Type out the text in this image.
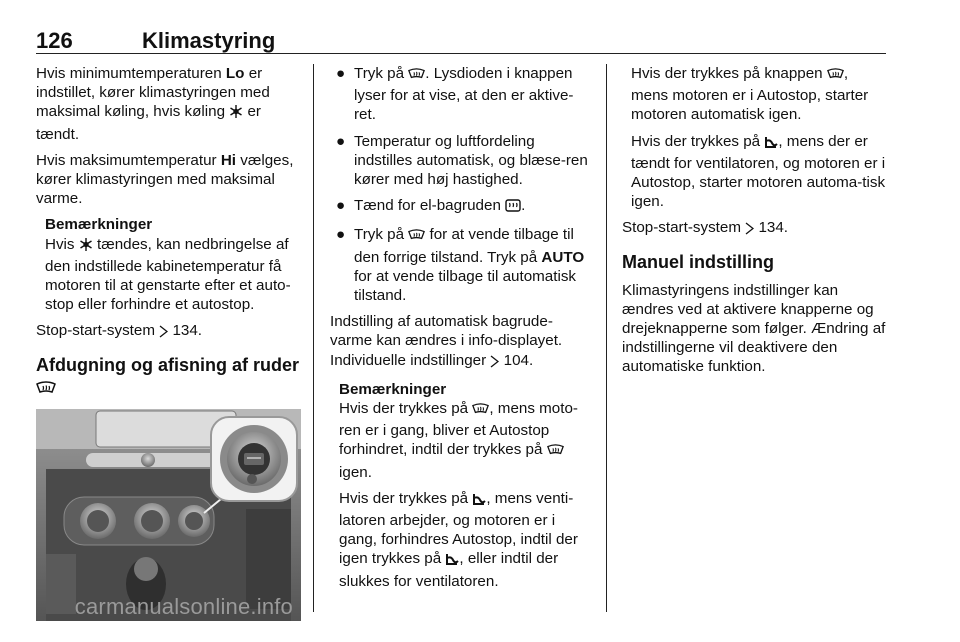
126	Klimastyring

Hvis minimumtemperaturen Lo er indstillet, kører klimastyringen med maksimal køling, hvis køling  er tændt.

Hvis maksimumtemperatur Hi vælges, kører klimastyringen med maksimal varme.

Bemærkninger
Hvis  tændes, kan nedbringelse af den indstillede kabinetemperatur få motoren til at genstarte efter et auto-stop eller forhindre et autostop.

Stop-start-system  134.

Afdugning og afisning af ruder
carmanualsonline.info
● Tryk på . Lysdioden i knappen lyser for at vise, at den er aktive-ret.
● Temperatur og luftfordeling indstilles automatisk, og blæse-ren kører med høj hastighed.
● Tænd for el-bagruden .
● Tryk på  for at vende tilbage til den forrige tilstand. Tryk på AUTO for at vende tilbage til automatisk tilstand.

Indstilling af automatisk bagrude-varme kan ændres i info-displayet. Individuelle indstillinger  104.

Bemærkninger

Hvis der trykkes på , mens moto-ren er i gang, bliver et Autostop forhindret, indtil der trykkes på  igen.

Hvis der trykkes på , mens venti-latoren arbejder, og motoren er i gang, forhindres Autostop, indtil der igen trykkes på , eller indtil der slukkes for ventilatoren.

Hvis der trykkes på knappen , mens motoren er i Autostop, starter motoren automatisk igen.

Hvis der trykkes på , mens der er tændt for ventilatoren, og motoren er i Autostop, starter motoren automa-tisk igen.

Stop-start-system  134.

Manuel indstilling

Klimastyringens indstillinger kan ændres ved at aktivere knapperne og drejeknapperne som følger. Ændring af indstillingerne vil deaktivere den automatiske funktion.
